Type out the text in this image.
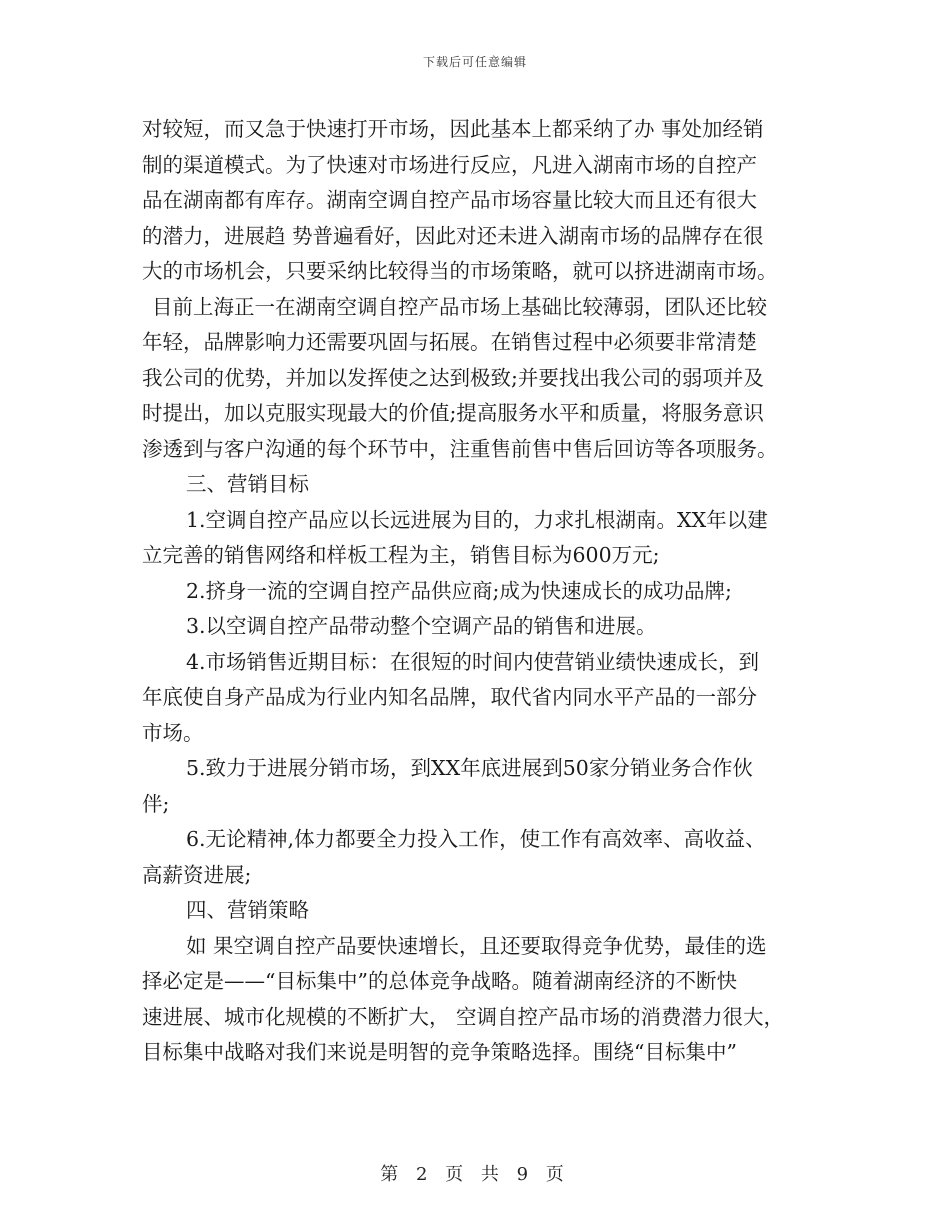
下载后可任意编辑
对较短，而又急于快速打开市场，因此基本上都采纳了办 事处加经销
制的渠道模式。为了快速对市场进行反应，凡进入湖南市场的自控产
品在湖南都有库存。湖南空调自控产品市场容量比较大而且还有很大
的潜力，进展趋 势普遍看好，因此对还未进入湖南市场的品牌存在很
大的市场机会，只要采纳比较得当的市场策略，就可以挤进湖南市场。
目前上海正一在湖南空调自控产品市场上基础比较薄弱，团队还比较
年轻，品牌影响力还需要巩固与拓展。在销售过程中必须要非常清楚
我公司的优势，并加以发挥使之达到极致;并要找出我公司的弱项并及
时提出，加以克服实现最大的价值;提高服务水平和质量，将服务意识
渗透到与客户沟通的每个环节中，注重售前售中售后回访等各项服务。
三、营销目标
1.空调自控产品应以长远进展为目的，力求扎根湖南。XX年以建
立完善的销售网络和样板工程为主，销售目标为600万元;
2.挤身一流的空调自控产品供应商;成为快速成长的成功品牌;
3.以空调自控产品带动整个空调产品的销售和进展。
4.市场销售近期目标：在很短的时间内使营销业绩快速成长，到
年底使自身产品成为行业内知名品牌，取代省内同水平产品的一部分
市场。
5.致力于进展分销市场，到XX年底进展到50家分销业务合作伙
伴;
6.无论精神,体力都要全力投入工作，使工作有高效率、高收益、
高薪资进展;
四、营销策略
如 果空调自控产品要快速增长，且还要取得竞争优势，最佳的选
择必定是——“目标集中”的总体竞争战略。随着湖南经济的不断快
速进展、城市化规模的不断扩大， 空调自控产品市场的消费潜力很大，
目标集中战略对我们来说是明智的竞争策略选择。围绕“目标集中”
第 2 页 共 9 页
